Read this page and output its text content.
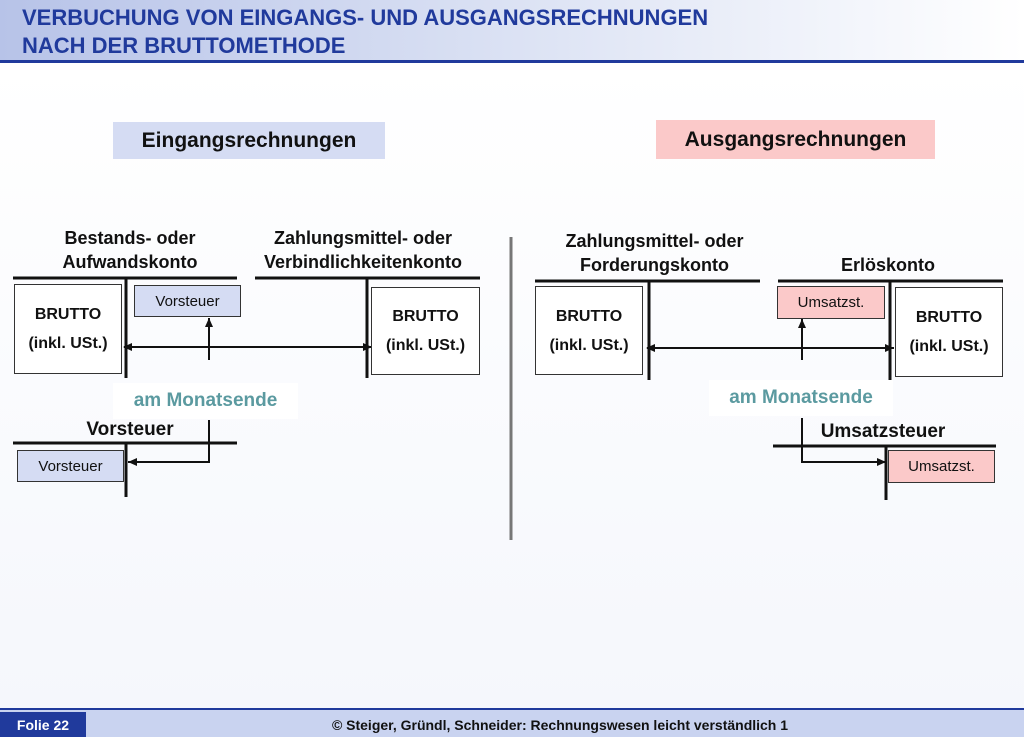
VERBUCHUNG VON EINGANGS- UND AUSGANGSRECHNUNGEN
NACH DER BRUTTOMETHODE
Eingangsrechnungen
Bestands- oder
Aufwandskonto
Zahlungsmittel- oder
Verbindlichkeitenkonto
BRUTTO
(inkl. USt.)
BRUTTO
(inkl. USt.)
Vorsteuer
am Monatsende
Vorsteuer
Vorsteuer
Ausgangsrechnungen
Zahlungsmittel- oder
Forderungskonto	Erlöskonto
BRUTTO
(inkl. USt.)
BRUTTO
(inkl. USt.)
Umsatzst.
am Monatsende
Umsatzsteuer
Umsatzst.
Folie 22	© Steiger, Gründl, Schneider: Rechnungswesen leicht verständlich 1
